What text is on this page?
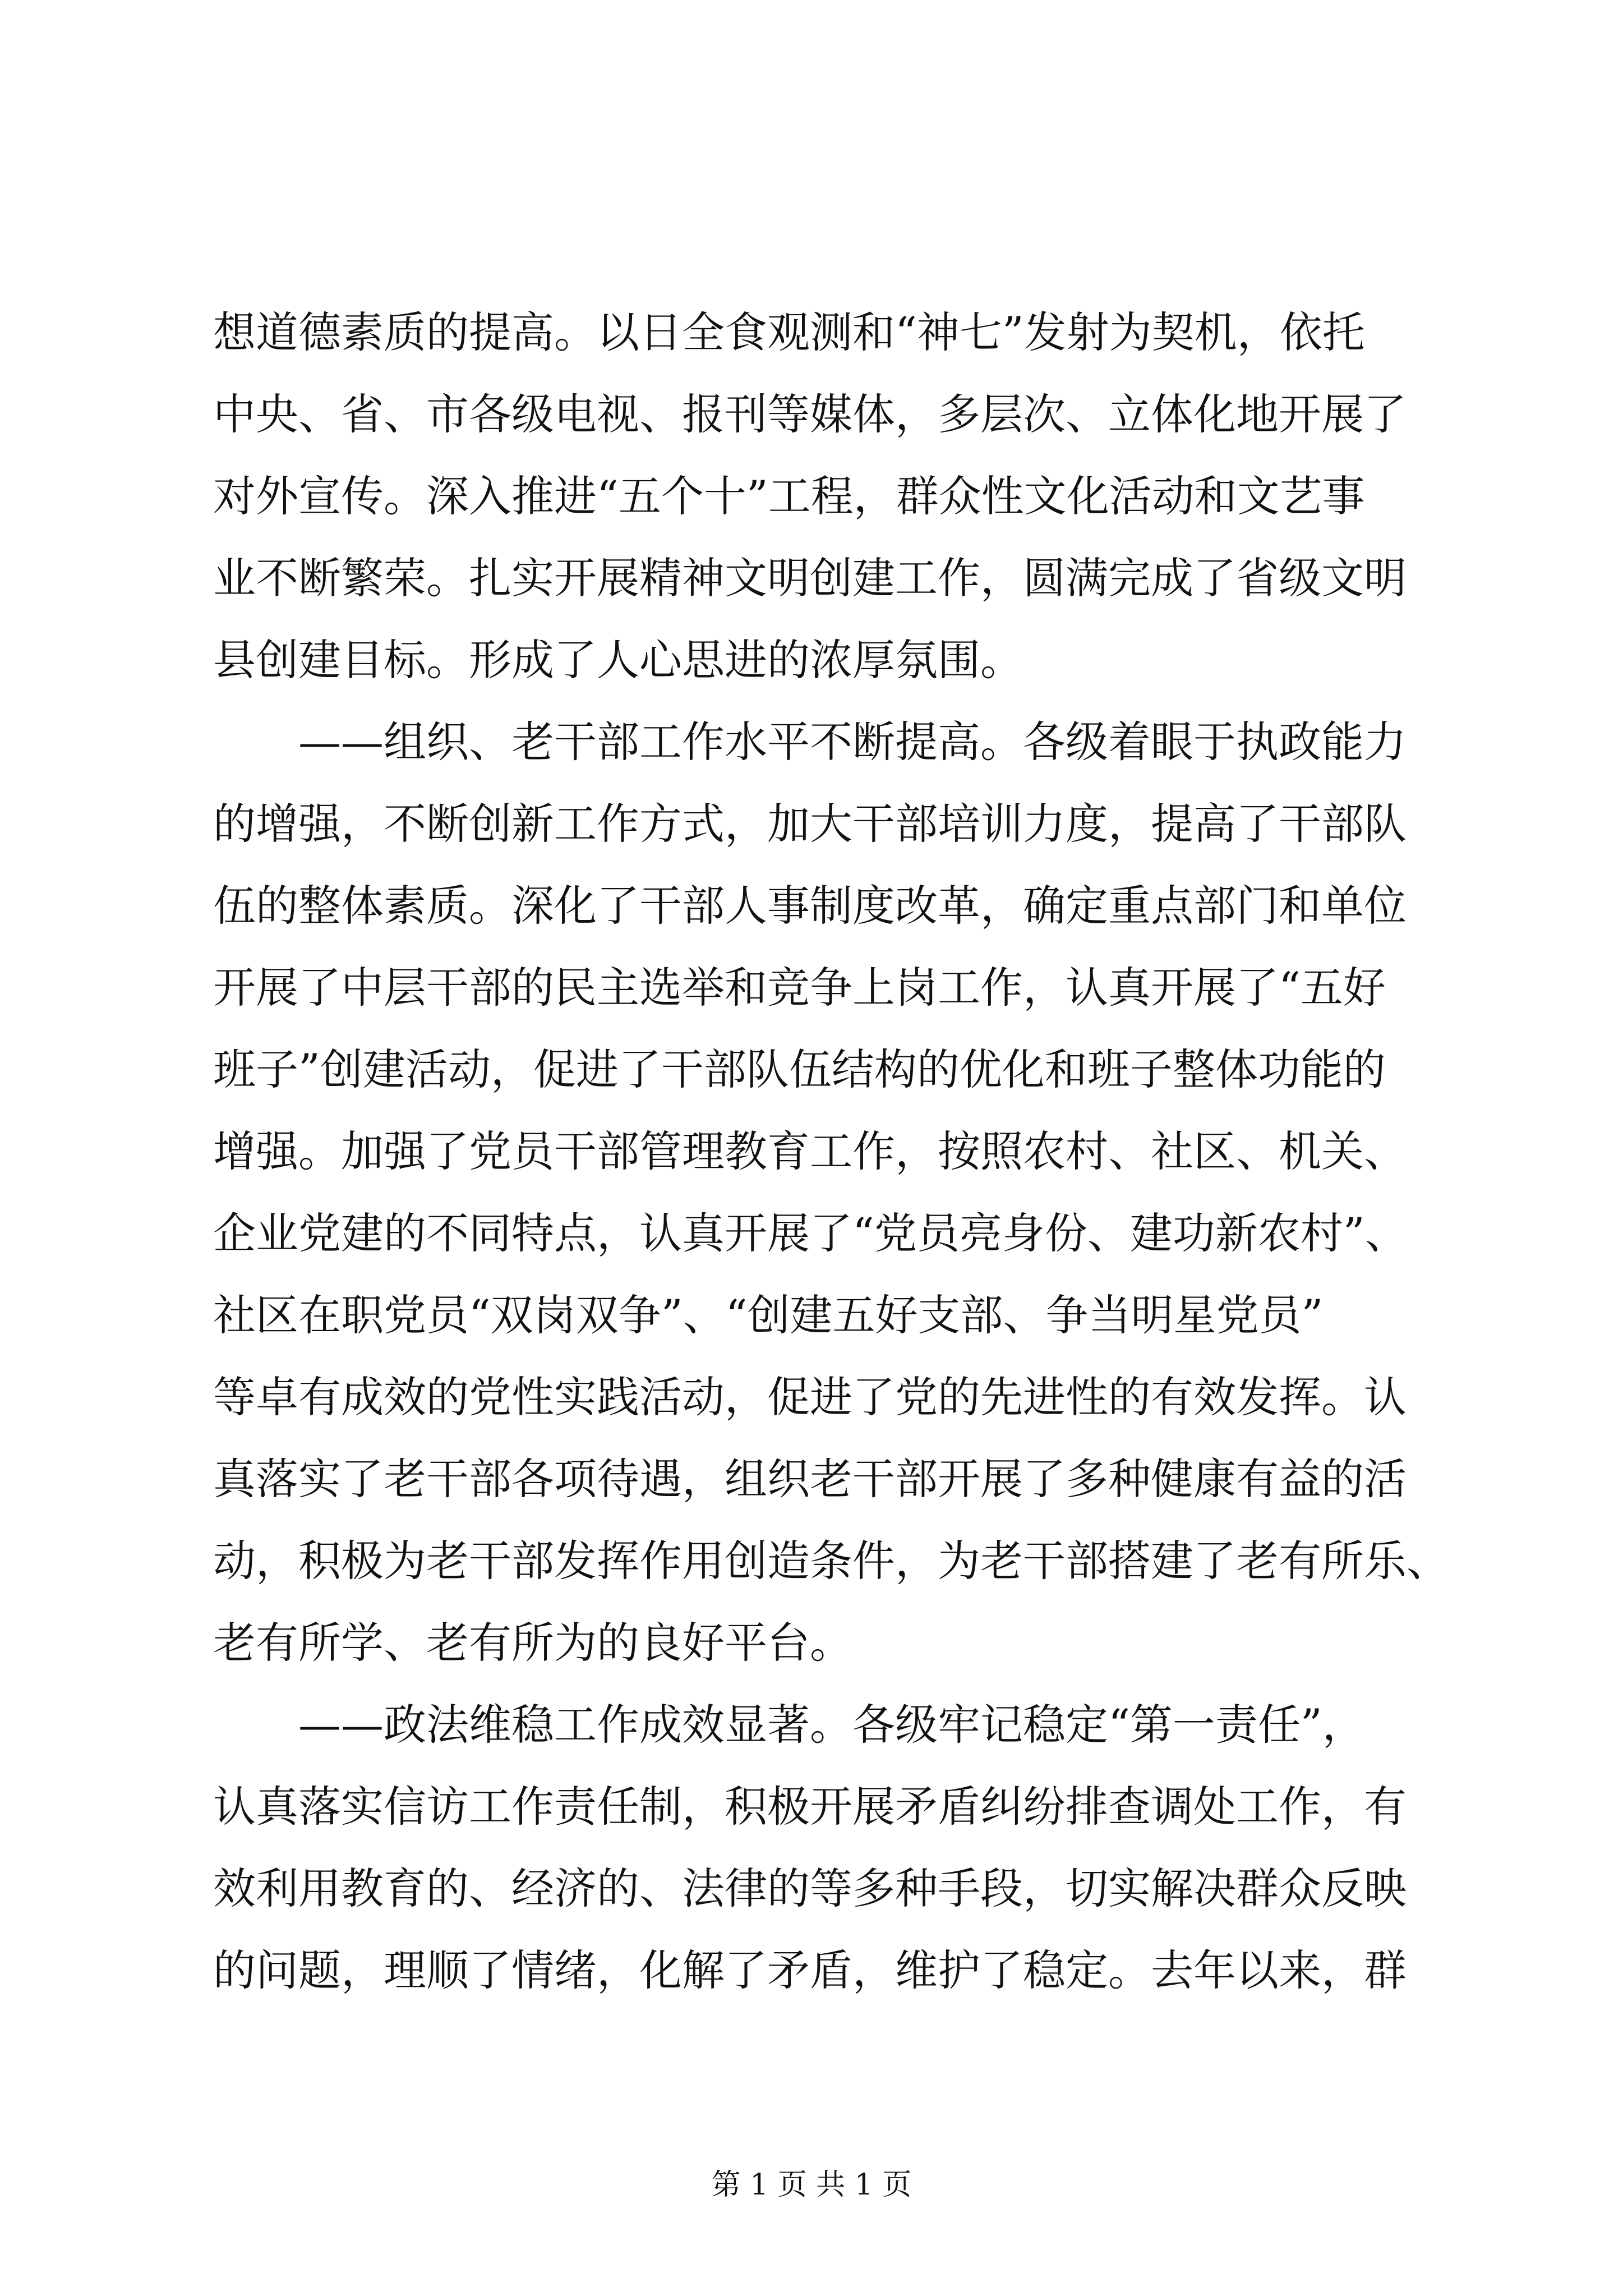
想道德素质的提高。以日全食观测和“神七”发射为契机，依托
中央、省、市各级电视、报刊等媒体，多层次、立体化地开展了
对外宣传。深入推进“五个十”工程，群众性文化活动和文艺事
业不断繁荣。扎实开展精神文明创建工作，圆满完成了省级文明
县创建目标。形成了人心思进的浓厚氛围。
　　——组织、老干部工作水平不断提高。各级着眼于执政能力
的增强，不断创新工作方式，加大干部培训力度，提高了干部队
伍的整体素质。深化了干部人事制度改革，确定重点部门和单位
开展了中层干部的民主选举和竞争上岗工作，认真开展了“五好
班子”创建活动，促进了干部队伍结构的优化和班子整体功能的
增强。加强了党员干部管理教育工作，按照农村、社区、机关、
企业党建的不同特点，认真开展了“党员亮身份、建功新农村”、
社区在职党员“双岗双争”、“创建五好支部、争当明星党员”
等卓有成效的党性实践活动，促进了党的先进性的有效发挥。认
真落实了老干部各项待遇，组织老干部开展了多种健康有益的活
动，积极为老干部发挥作用创造条件，为老干部搭建了老有所乐、
老有所学、老有所为的良好平台。
　　——政法维稳工作成效显著。各级牢记稳定“第一责任”，
认真落实信访工作责任制，积极开展矛盾纠纷排查调处工作，有
效利用教育的、经济的、法律的等多种手段，切实解决群众反映
的问题，理顺了情绪，化解了矛盾，维护了稳定。去年以来，群
第 1 页 共 1 页
